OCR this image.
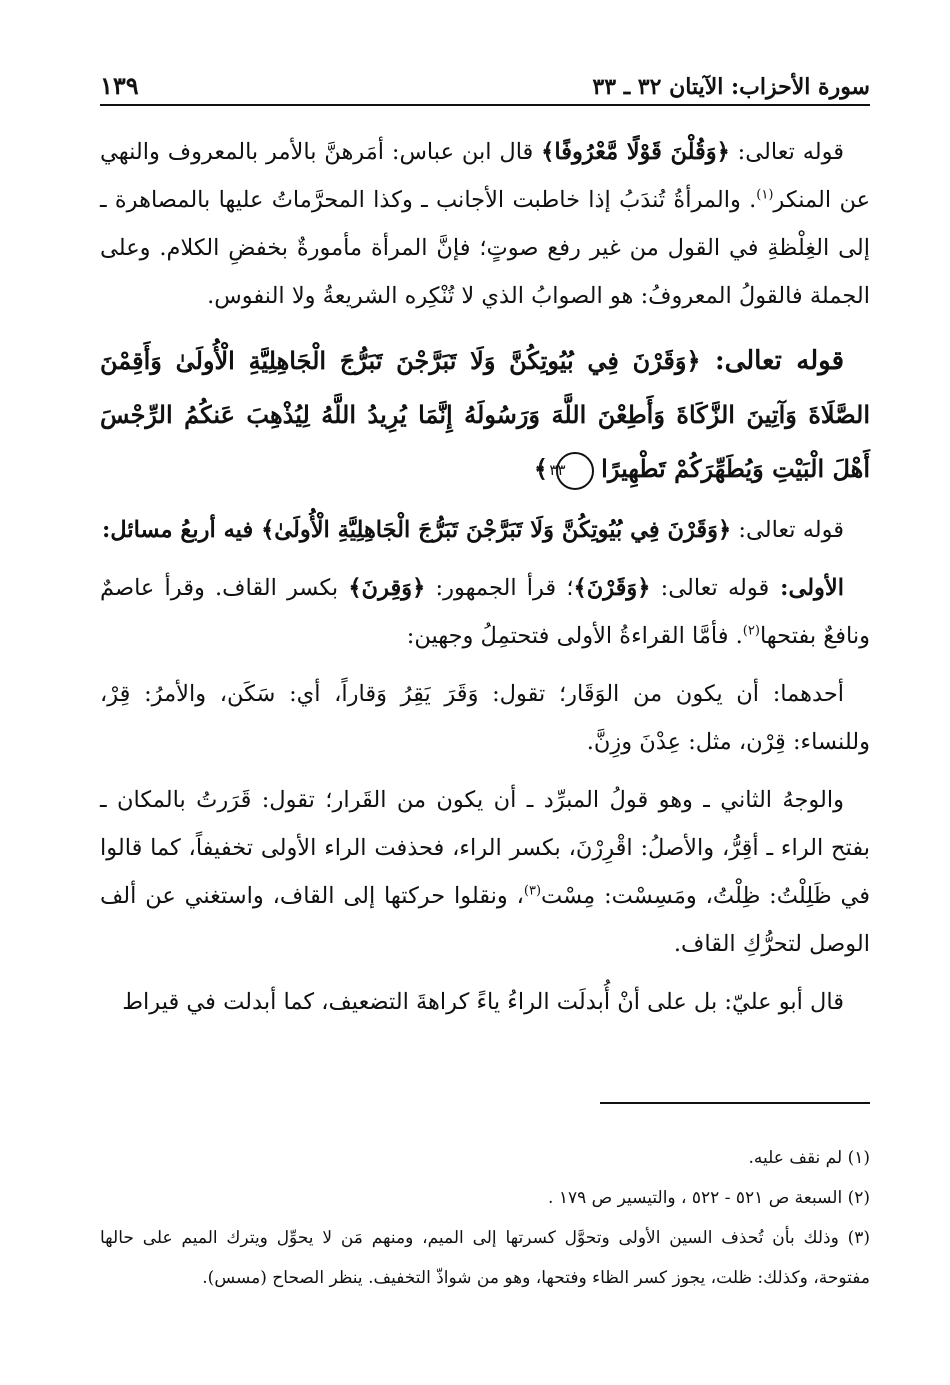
سورة الأحزاب: الآيتان ٣٢ ـ ٣٣
١٣٩

قوله تعالى: ﴿وَقُلْنَ قَوْلًا مَّعْرُوفًا﴾ قال ابن عباس: أمَرهنَّ بالأمر بالمعروف والنهي عن المنكر$^{(١)}$. والمرأةُ تُندَبُ إذا خاطبت الأجانب ـ وكذا المحرَّماتُ عليها بالمصاهرة ـ إلى الغِلْظةِ في القول من غير رفع صوتٍ؛ فإنَّ المرأة مأمورةٌ بخفضِ الكلام. وعلى الجملة فالقولُ المعروفُ: هو الصوابُ الذي لا تُنْكِره الشريعةُ ولا النفوس.

قوله تعالى: ﴿وَقَرْنَ فِي بُيُوتِكُنَّ وَلَا تَبَرَّجْنَ تَبَرُّجَ الْجَاهِلِيَّةِ الْأُولَىٰ وَأَقِمْنَ الصَّلَاةَ وَآتِينَ الزَّكَاةَ وَأَطِعْنَ اللَّهَ وَرَسُولَهُ إِنَّمَا يُرِيدُ اللَّهُ لِيُذْهِبَ عَنكُمُ الرِّجْسَ أَهْلَ الْبَيْتِ وَيُطَهِّرَكُمْ تَطْهِيرًا ٣٣ ﴾

قوله تعالى: ﴿وَقَرْنَ فِي بُيُوتِكُنَّ وَلَا تَبَرَّجْنَ تَبَرُّجَ الْجَاهِلِيَّةِ الْأُولَىٰ﴾ فيه أربعُ مسائل:

الأولى: قوله تعالى: ﴿وَقَرْنَ﴾؛ قرأ الجمهور: ﴿وَقِرنَ﴾ بكسر القاف. وقرأ عاصمٌ ونافعٌ بفتحها$^{(٢)}$. فأمَّا القراءةُ الأولى فتحتمِلُ وجهين:

أحدهما: أن يكون من الوَقَار؛ تقول: وَقَرَ يَقِرُ وَقاراً، أي: سَكَن، والأمرُ: قِرْ، وللنساء: قِرْن، مثل: عِدْنَ وزِنَّ.

والوجهُ الثاني ـ وهو قولُ المبرِّد ـ أن يكون من القَرار؛ تقول: قَرَرتُ بالمكان ـ بفتح الراء ـ أقِرُّ، والأصلُ: اقْرِرْنَ، بكسر الراء، فحذفت الراء الأولى تخفيفاً، كما قالوا في ظَلِلْتُ: ظِلْتُ، ومَسِسْت: مِسْت$^{(٣)}$، ونقلوا حركتها إلى القاف، واستغني عن ألف الوصل لتحرُّكِ القاف.

قال أبو عليّ: بل على أنْ أُبدلَت الراءُ ياءً كراهةَ التضعيف، كما أبدلت في قيراط

(١) لم نقف عليه.

(٢) السبعة ص ٥٢١ - ٥٢٢ ، والتيسير ص ١٧٩ .

(٣) وذلك بأن تُحذف السين الأولى وتحوَّل كسرتها إلى الميم، ومنهم مَن لا يحوِّل ويترك الميم على حالها مفتوحة، وكذلك: ظلت، يجوز كسر الظاء وفتحها، وهو من شواذّ التخفيف. ينظر الصحاح (مسس).
